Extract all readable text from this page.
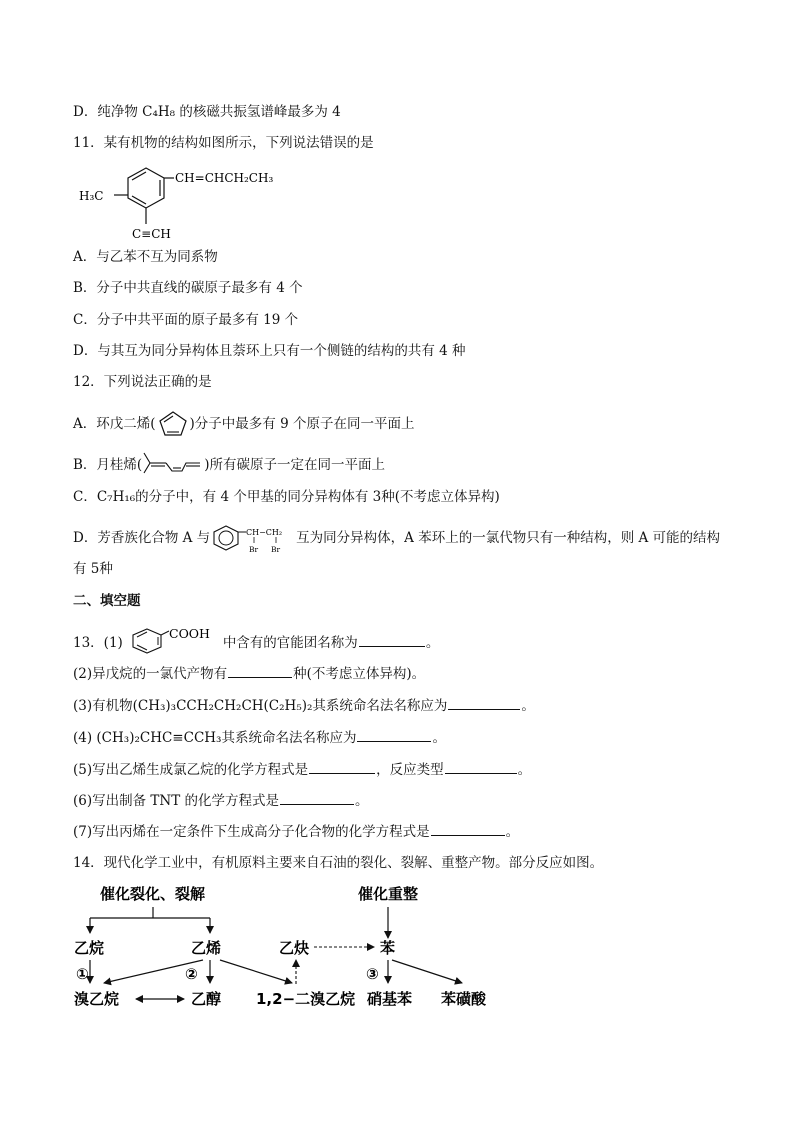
D．纯净物 C₄H₈ 的核磁共振氢谱峰最多为 4
11．某有机物的结构如图所示，下列说法错误的是
CH=CHCH₂CH₃
H₃C
C≡CH
A．与乙苯不互为同系物
B．分子中共直线的碳原子最多有 4 个
C．分子中共平面的原子最多有 19 个
D．与其互为同分异构体且萘环上只有一个侧链的结构的共有 4 种
12．下列说法正确的是
A．环戊二烯(	)分子中最多有 9 个原子在同一平面上
B．月桂烯(	)所有碳原子一定在同一平面上
C．C₇H₁₆的分子中，有 4 个甲基的同分异构体有 3种(不考虑立体异构)
D．芳香族化合物 A 与	CH−CH₂
Br Br
互为同分异构体，A 苯环上的一氯代物只有一种结构，则 A 可能的结构
有 5种
二、填空题
13．(1)
COOH
中含有的官能团名称为	。
(2)异戊烷的一氯代产物有	种(不考虑立体异构)。
(3)有机物(CH₃)₃CCH₂CH₂CH(C₂H₅)₂其系统命名法名称应为	。
(4) (CH₃)₂CHC≡CCH₃其系统命名法名称应为	。
(5)写出乙烯生成氯乙烷的化学方程式是	，反应类型	。
(6)写出制备 TNT 的化学方程式是	。
(7)写出丙烯在一定条件下生成高分子化合物的化学方程式是	。
14．现代化学工业中，有机原料主要来自石油的裂化、裂解、重整产物。部分反应如图。
催化裂化、裂解	催化重整
乙烷	乙烯	乙炔	苯
①	②	③
溴乙烷	乙醇 1,2−二溴乙烷 硝基苯 苯磺酸
